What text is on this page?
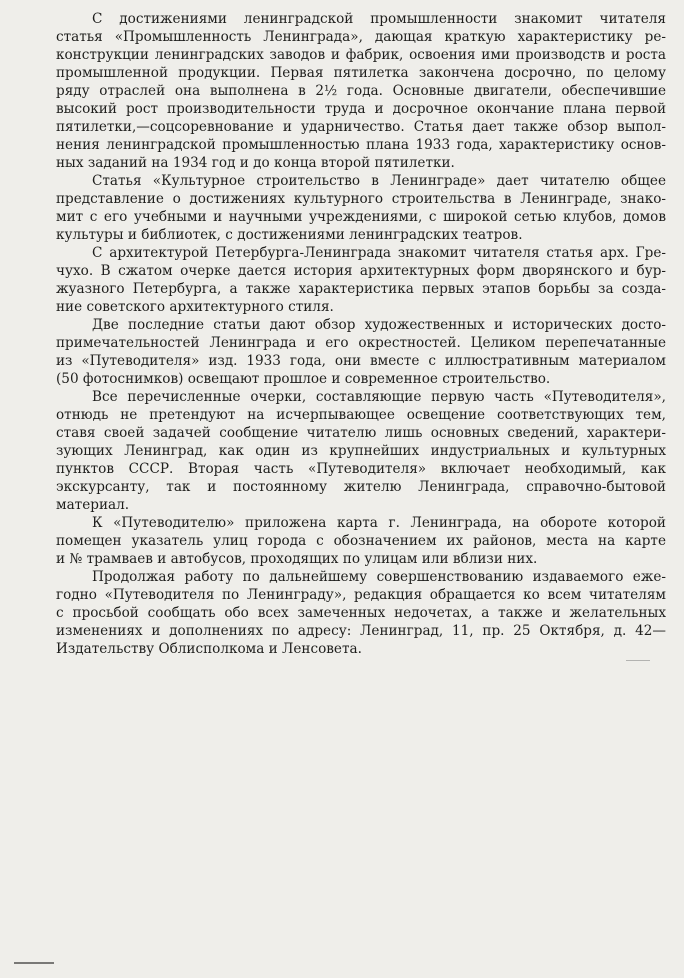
С достижениями ленинградской промышленности знакомит читателя
статья «Промышленность Ленинграда», дающая краткую характеристику ре-
конструкции ленинградских заводов и фабрик, освоения ими производств и роста
промышленной продукции. Первая пятилетка закончена досрочно, по целому
ряду отраслей она выполнена в 2½ года. Основные двигатели, обеспечившие
высокий рост производительности труда и досрочное окончание плана первой
пятилетки,—соцсоревнование и ударничество. Статья дает также обзор выпол-
нения ленинградской промышленностью плана 1933 года, характеристику основ-
ных заданий на 1934 год и до конца второй пятилетки.

Статья «Культурное строительство в Ленинграде» дает читателю общее
представление о достижениях культурного строительства в Ленинграде, знако-
мит с его учебными и научными учреждениями, с широкой сетью клубов, домов
культуры и библиотек, с достижениями ленинградских театров.

С архитектурой Петербурга-Ленинграда знакомит читателя статья арх. Гре-
чухо. В сжатом очерке дается история архитектурных форм дворянского и бур-
жуазного Петербурга, а также характеристика первых этапов борьбы за созда-
ние советского архитектурного стиля.

Две последние статьи дают обзор художественных и исторических досто-
примечательностей Ленинграда и его окрестностей. Целиком перепечатанные
из «Путеводителя» изд. 1933 года, они вместе с иллюстративным материалом
(50 фотоснимков) освещают прошлое и современное строительство.

Все перечисленные очерки, составляющие первую часть «Путеводителя»,
отнюдь не претендуют на исчерпывающее освещение соответствующих тем,
ставя своей задачей сообщение читателю лишь основных сведений, характери-
зующих Ленинград, как один из крупнейших индустриальных и культурных
пунктов СССР. Вторая часть «Путеводителя» включает необходимый, как
экскурсанту, так и постоянному жителю Ленинграда, справочно-бытовой
материал.

К «Путеводителю» приложена карта г. Ленинграда, на обороте которой
помещен указатель улиц города с обозначением их районов, места на карте
и № трамваев и автобусов, проходящих по улицам или вблизи них.

Продолжая работу по дальнейшему совершенствованию издаваемого еже-
годно «Путеводителя по Ленинграду», редакция обращается ко всем читателям
с просьбой сообщать обо всех замеченных недочетах, а также и желательных
изменениях и дополнениях по адресу: Ленинград, 11, пр. 25 Октября, д. 42—
Издательству Облисполкома и Ленсовета.
